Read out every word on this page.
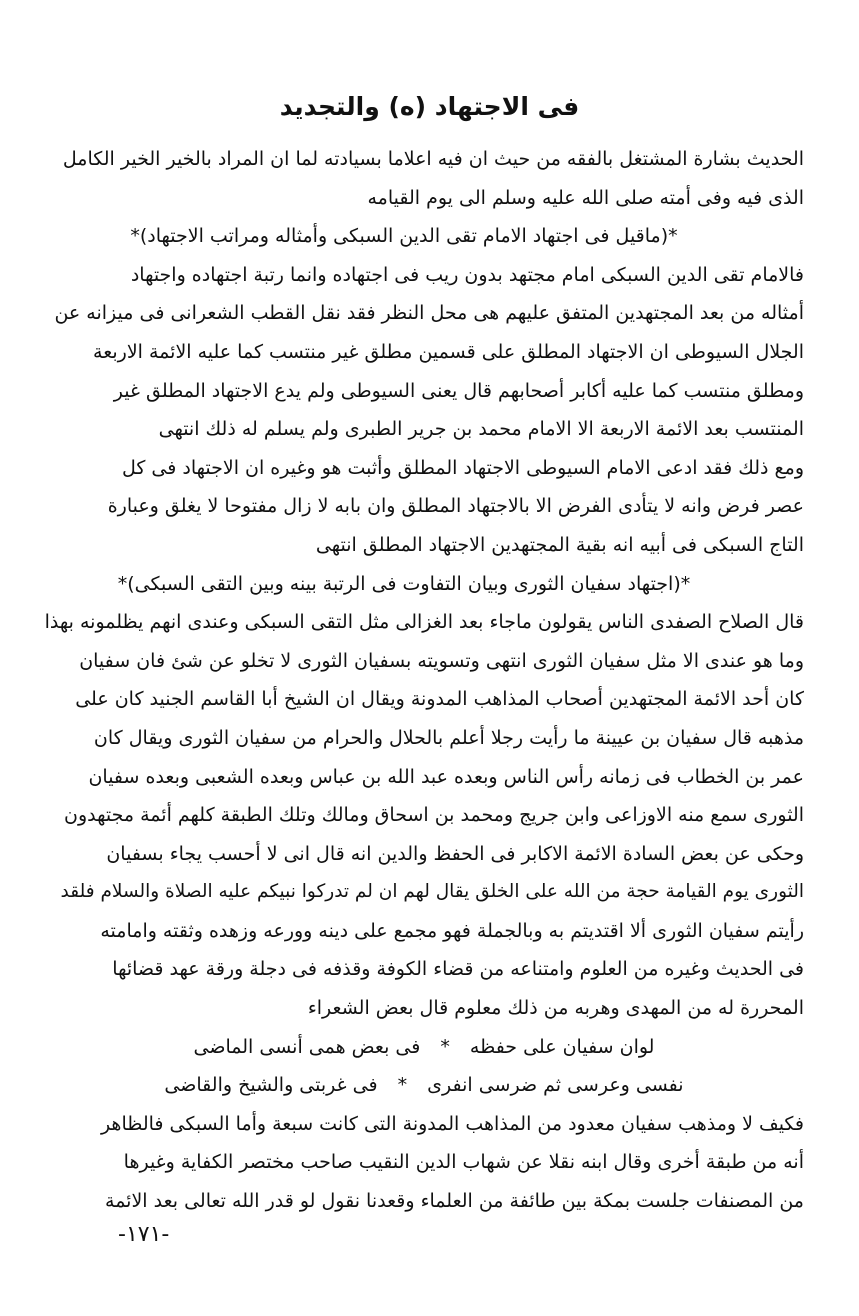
فى الاجتهاد (ه) والتجديد
الحديث بشارة المشتغل بالفقه من حيث ان فيه اعلاما بسيادته لما ان المراد بالخير الخير الكامل
الذى فيه وفى أمته صلى الله عليه وسلم الى يوم القيامه
*(ماقيل فى اجتهاد الامام تقى الدين السبكى وأمثاله ومراتب الاجتهاد)*
فالامام تقى الدين السبكى امام مجتهد بدون ريب فى اجتهاده وانما رتبة اجتهاده واجتهاد
أمثاله من بعد المجتهدين المتفق عليهم هى محل النظر فقد نقل القطب الشعرانى فى ميزانه عن
الجلال السيوطى ان الاجتهاد المطلق على قسمين مطلق غير منتسب كما عليه الائمة الاربعة
ومطلق منتسب كما عليه أكابر أصحابهم قال يعنى السيوطى ولم يدع الاجتهاد المطلق غير
المنتسب بعد الائمة الاربعة الا الامام محمد بن جرير الطبرى ولم يسلم له ذلك انتهى
ومع ذلك فقد ادعى الامام السيوطى الاجتهاد المطلق وأثبت هو وغيره ان الاجتهاد فى كل
عصر فرض وانه لا يتأدى الفرض الا بالاجتهاد المطلق وان بابه لا زال مفتوحا لا يغلق وعبارة
التاج السبكى فى أبيه انه بقية المجتهدين الاجتهاد المطلق انتهى
*(اجتهاد سفيان الثورى وبيان التفاوت فى الرتبة بينه وبين التقى السبكى)*
قال الصلاح الصفدى الناس يقولون ماجاء بعد الغزالى مثل التقى السبكى وعندى انهم يظلمونه بهذا
وما هو عندى الا مثل سفيان الثورى انتهى وتسويته بسفيان الثورى لا تخلو عن شئ فان سفيان
كان أحد الائمة المجتهدين أصحاب المذاهب المدونة ويقال ان الشيخ أبا القاسم الجنيد كان على
مذهبه قال سفيان بن عيينة ما رأيت رجلا أعلم بالحلال والحرام من سفيان الثورى ويقال كان
عمر بن الخطاب فى زمانه رأس الناس وبعده عبد الله بن عباس وبعده الشعبى وبعده سفيان
الثورى سمع منه الاوزاعى وابن جريج ومحمد بن اسحاق ومالك وتلك الطبقة كلهم أئمة مجتهدون
وحكى عن بعض السادة الائمة الاكابر فى الحفظ والدين انه قال انى لا أحسب يجاء بسفيان
الثورى يوم القيامة حجة من الله على الخلق يقال لهم ان لم تدركوا نبيكم عليه الصلاة والسلام فلقد
رأيتم سفيان الثورى ألا اقتديتم به وبالجملة فهو مجمع على دينه وورعه وزهده وثقته وامامته
فى الحديث وغيره من العلوم وامتناعه من قضاء الكوفة وقذفه فى دجلة ورقة عهد قضائها
المحررة له من المهدى وهربه من ذلك معلوم قال بعض الشعراء
لوان سفيان على حفظه * فى بعض همى أنسى الماضى
نفسى وعرسى ثم ضرسى انفرى * فى غربتى والشيخ والقاضى
فكيف لا ومذهب سفيان معدود من المذاهب المدونة التى كانت سبعة وأما السبكى فالظاهر
أنه من طبقة أخرى وقال ابنه نقلا عن شهاب الدين النقيب صاحب مختصر الكفاية وغيرها
من المصنفات جلست بمكة بين طائفة من العلماء وقعدنا نقول لو قدر الله تعالى بعد الائمة
-١٧١-
